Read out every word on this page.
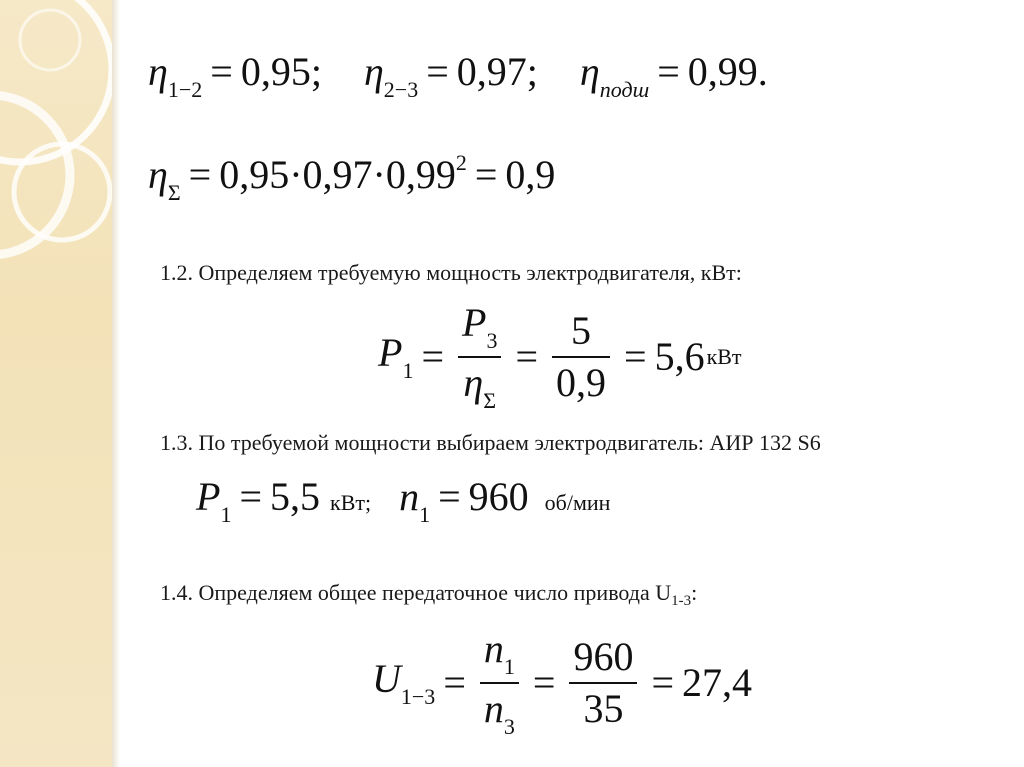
$\eta_{1-2} = 0,95$; $\eta_{2-3} = 0,97$; $\eta_{подш} = 0,99$.
$\eta_\Sigma = 0,95\cdot 0,97\cdot 0,99^2 = 0,9$
1.2. Определяем требуемую мощность электродвигателя, кВт:
$P_1 = \frac{P_3}{\eta_\Sigma} = \frac{5}{0,9} = 5,6$ кВт
1.3. По требуемой мощности выбираем электродвигатель: АИР 132 S6
$P_1 = 5,5$ кВт; $n_1 = 960$ об/мин
1.4. Определяем общее передаточное число привода $U_{1-3}$:
$U_{1-3} = \frac{n_1}{n_3} = \frac{960}{35} = 27,4$
